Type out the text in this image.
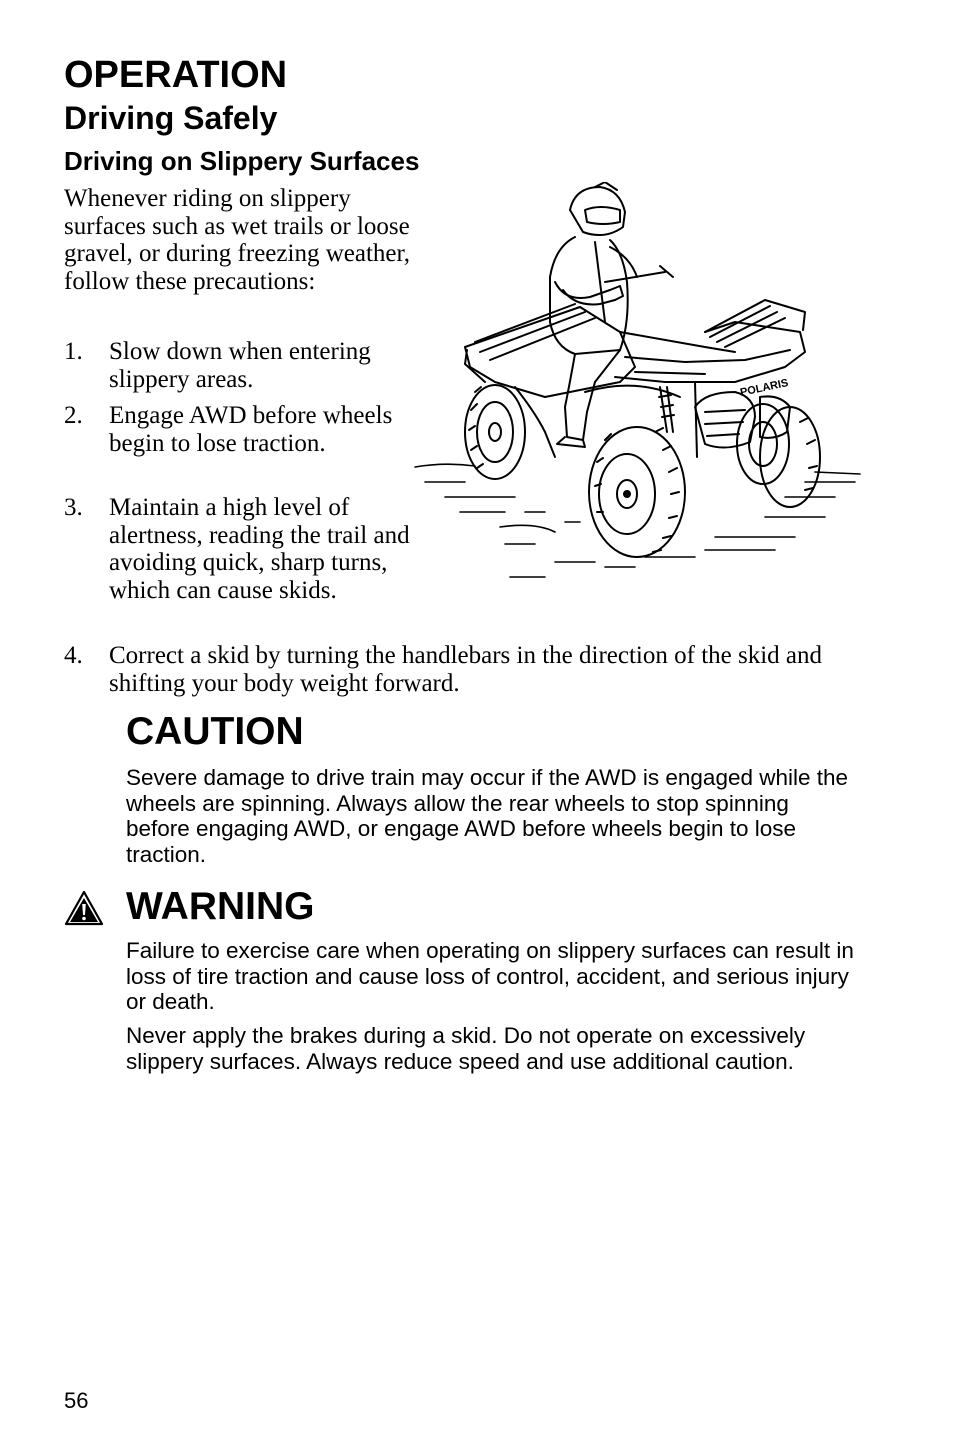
OPERATION
Driving Safely
Driving on Slippery Surfaces

Whenever riding on slippery surfaces such as wet trails or loose gravel, or during freezing weather, follow these precautions:

1.	Slow down when entering slippery areas.
2.	Engage AWD before wheels begin to lose traction.
3.	Maintain a high level of alertness, reading the trail and avoiding quick, sharp turns, which can cause skids.
4.	Correct a skid by turning the handlebars in the direction of the skid and shifting your body weight forward.
POLARIS
CAUTION

Severe damage to drive train may occur if the AWD is engaged while the wheels are spinning. Always allow the rear wheels to stop spinning before engaging AWD, or engage AWD before wheels begin to lose traction.

WARNING

Failure to exercise care when operating on slippery surfaces can result in loss of tire traction and cause loss of control, accident, and serious injury or death.

Never apply the brakes during a skid. Do not operate on excessively slippery surfaces. Always reduce speed and use additional caution.

56
